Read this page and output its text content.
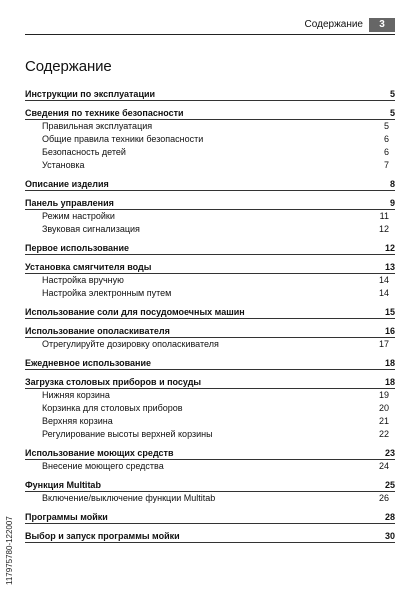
Содержание	3
Содержание
Инструкции по эксплуатации	5
Сведения по технике безопасности	5
Правильная эксплуатация	5
Общие правила техники безопасности	6
Безопасность детей	6
Установка	7
Описание изделия	8
Панель управления	9
Режим настройки	11
Звуковая сигнализация	12
Первое использование	12
Установка смягчителя воды	13
Настройка вручную	14
Настройка электронным путем	14
Использование соли для посудомоечных машин	15
Использование ополаскивателя	16
Отрегулируйте дозировку ополаскивателя	17
Ежедневное использование	18
Загрузка столовых приборов и посуды	18
Нижняя корзина	19
Корзинка для столовых приборов	20
Верхняя корзина	21
Регулирование высоты верхней корзины	22
Использование моющих средств	23
Внесение моющего средства	24
Функция Multitab	25
Включение/выключение функции Multitab	26
Программы мойки	28
Выбор и запуск программы мойки	30
117975780-122007
